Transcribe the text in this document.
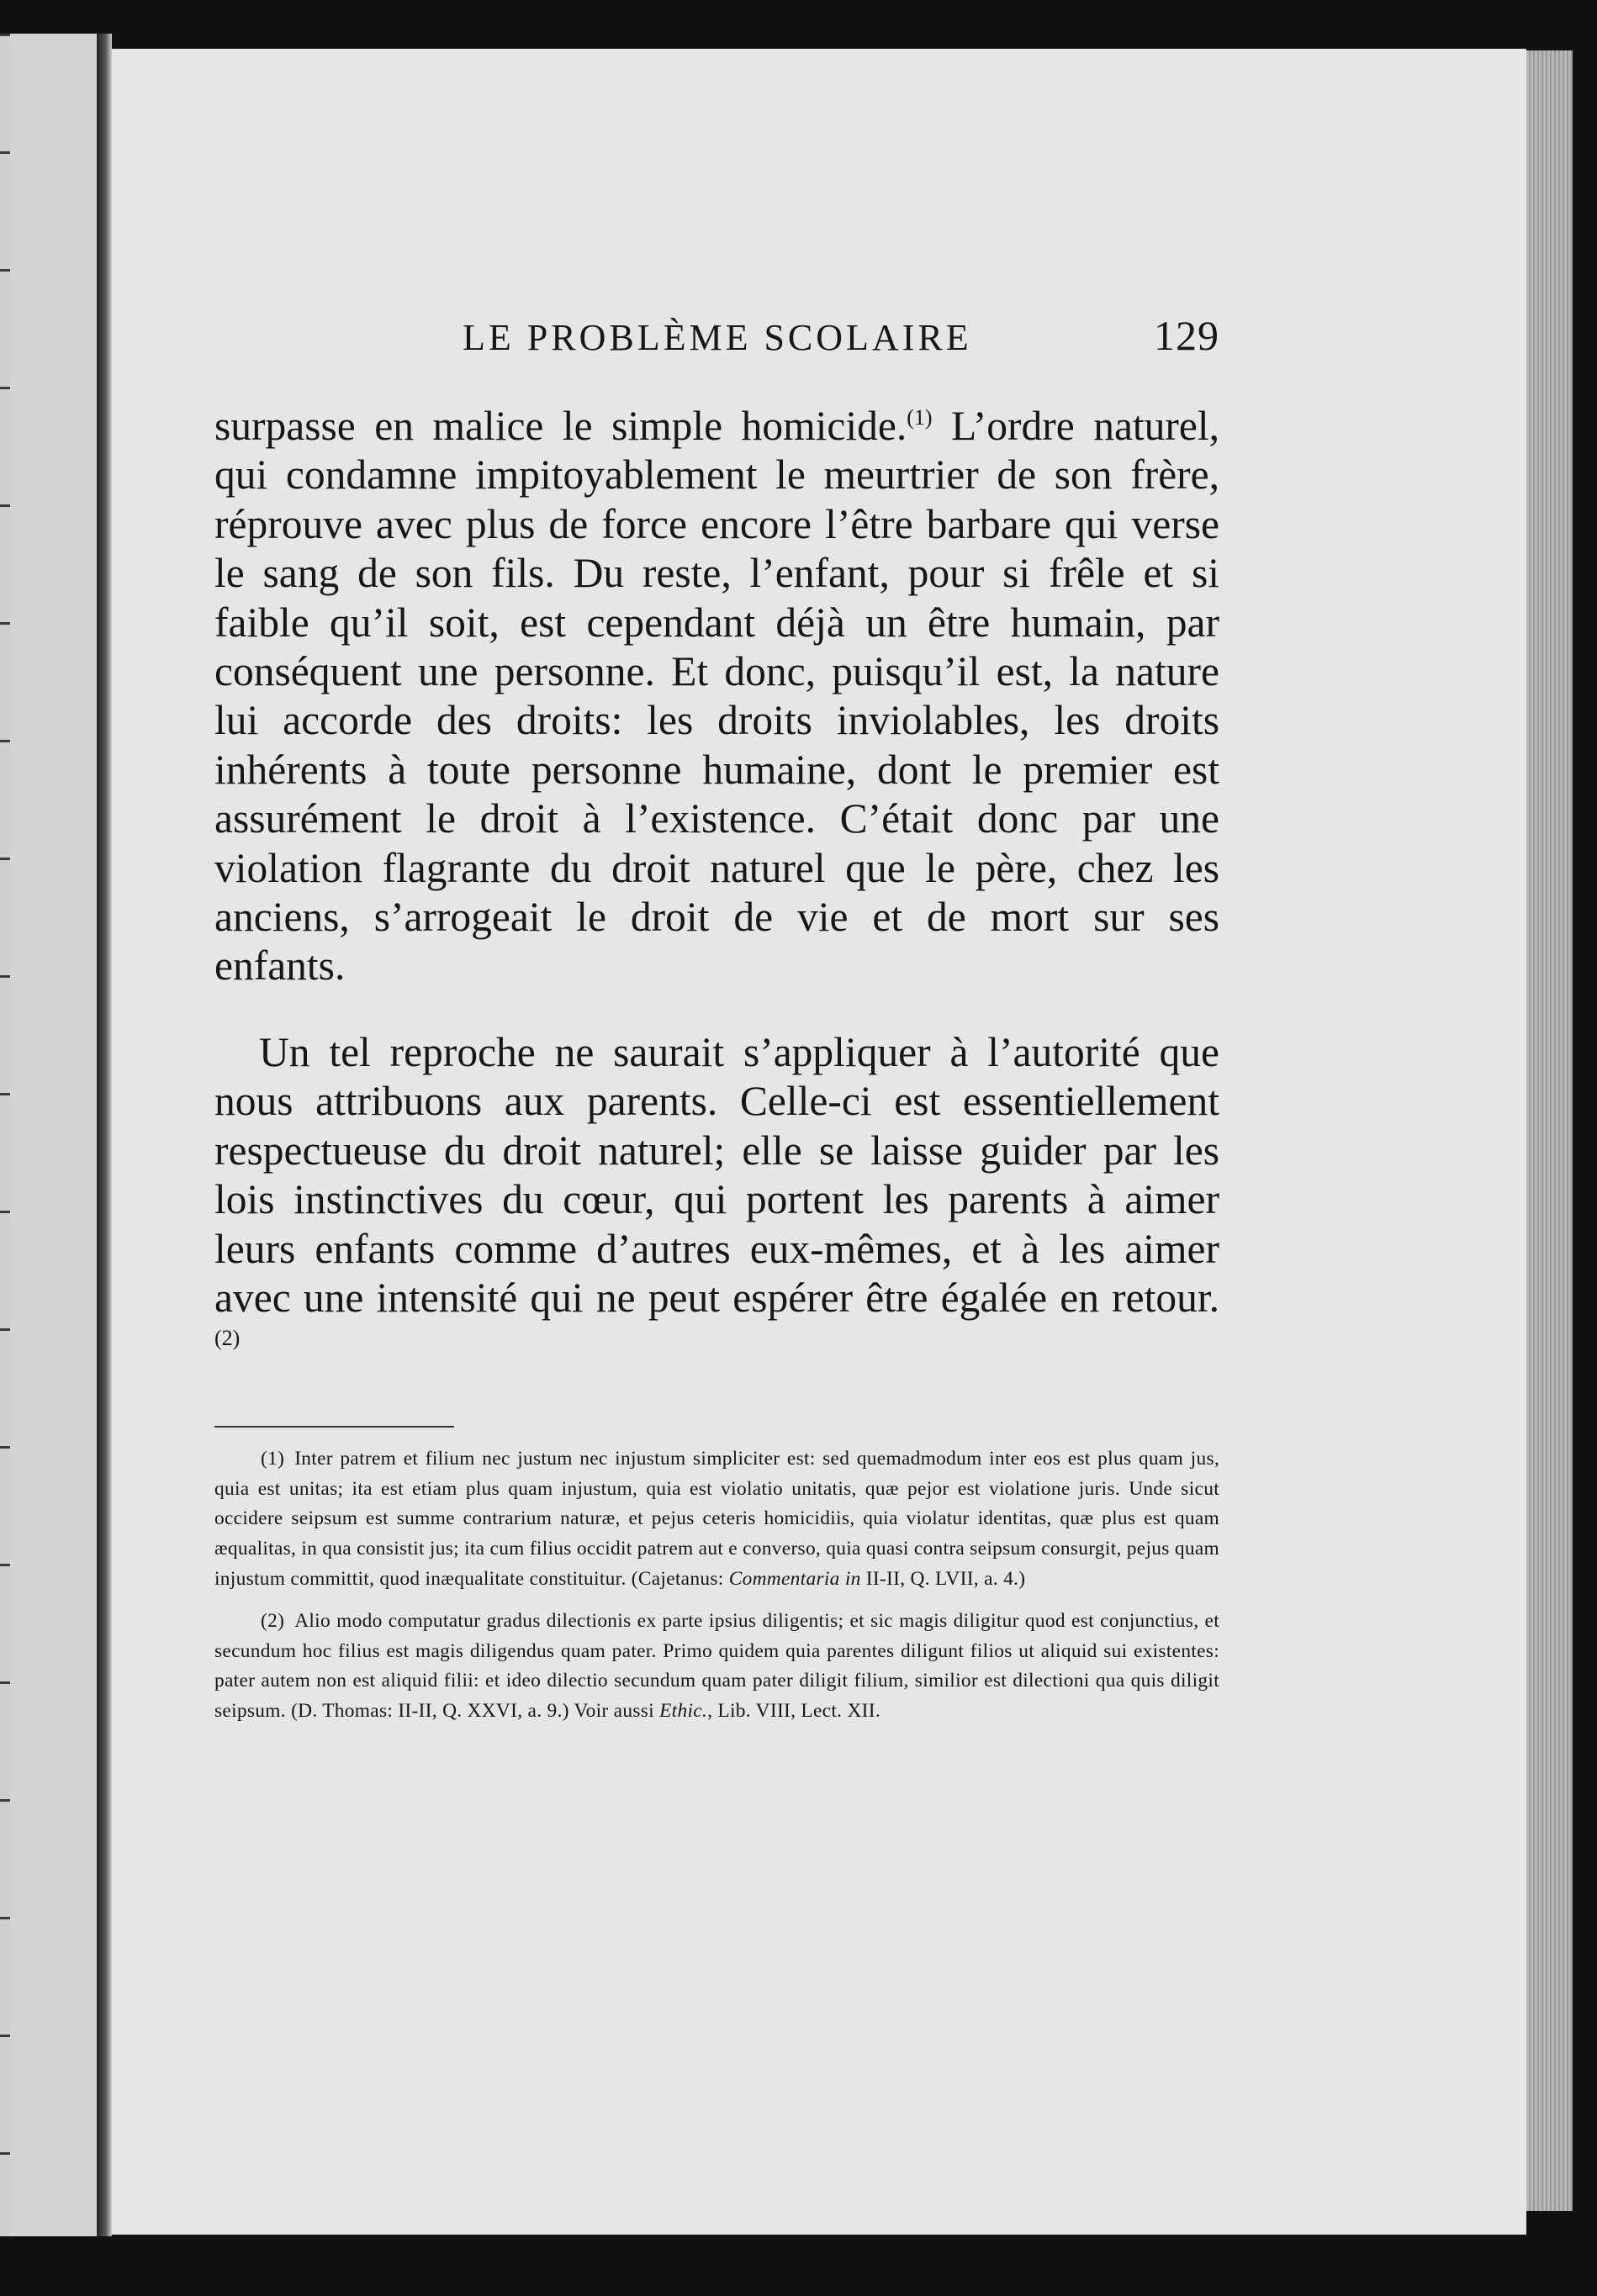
LE PROBLÈME SCOLAIRE	129

surpasse en malice le simple homicide.$^{(1)}$ L’ordre naturel, qui condamne impitoyablement le meurtrier de son frère, réprouve avec plus de force encore l’être barbare qui verse le sang de son fils. Du reste, l’enfant, pour si frêle et si faible qu’il soit, est cependant déjà un être humain, par conséquent une personne. Et donc, puisqu’il est, la nature lui accorde des droits: les droits inviolables, les droits inhérents à toute personne humaine, dont le premier est assurément le droit à l’existence. C’était donc par une violation flagrante du droit naturel que le père, chez les anciens, s’arrogeait le droit de vie et de mort sur ses enfants.

Un tel reproche ne saurait s’appliquer à l’autorité que nous attribuons aux parents. Celle-ci est essentiellement respectueuse du droit naturel; elle se laisse guider par les lois instinctives du cœur, qui portent les parents à aimer leurs enfants comme d’autres eux-mêmes, et à les aimer avec une intensité qui ne peut espérer être égalée en retour.$^{(2)}$

(1) Inter patrem et filium nec justum nec injustum simpliciter est: sed quemadmodum inter eos est plus quam jus, quia est unitas; ita est etiam plus quam injustum, quia est violatio unitatis, quæ pejor est violatione juris. Unde sicut occidere seipsum est summe contrarium naturæ, et pejus ceteris homicidiis, quia violatur identitas, quæ plus est quam æqualitas, in qua consistit jus; ita cum filius occidit patrem aut e converso, quia quasi contra seipsum consurgit, pejus quam injustum committit, quod inæqualitate constituitur. (Cajetanus: Commentaria in II-II, Q. LVII, a. 4.)

(2) Alio modo computatur gradus dilectionis ex parte ipsius diligentis; et sic magis diligitur quod est conjunctius, et secundum hoc filius est magis diligendus quam pater. Primo quidem quia parentes diligunt filios ut aliquid sui existentes: pater autem non est aliquid filii: et ideo dilectio secundum quam pater diligit filium, similior est dilectioni qua quis diligit seipsum. (D. Thomas: II-II, Q. XXVI, a. 9.) Voir aussi Ethic., Lib. VIII, Lect. XII.
